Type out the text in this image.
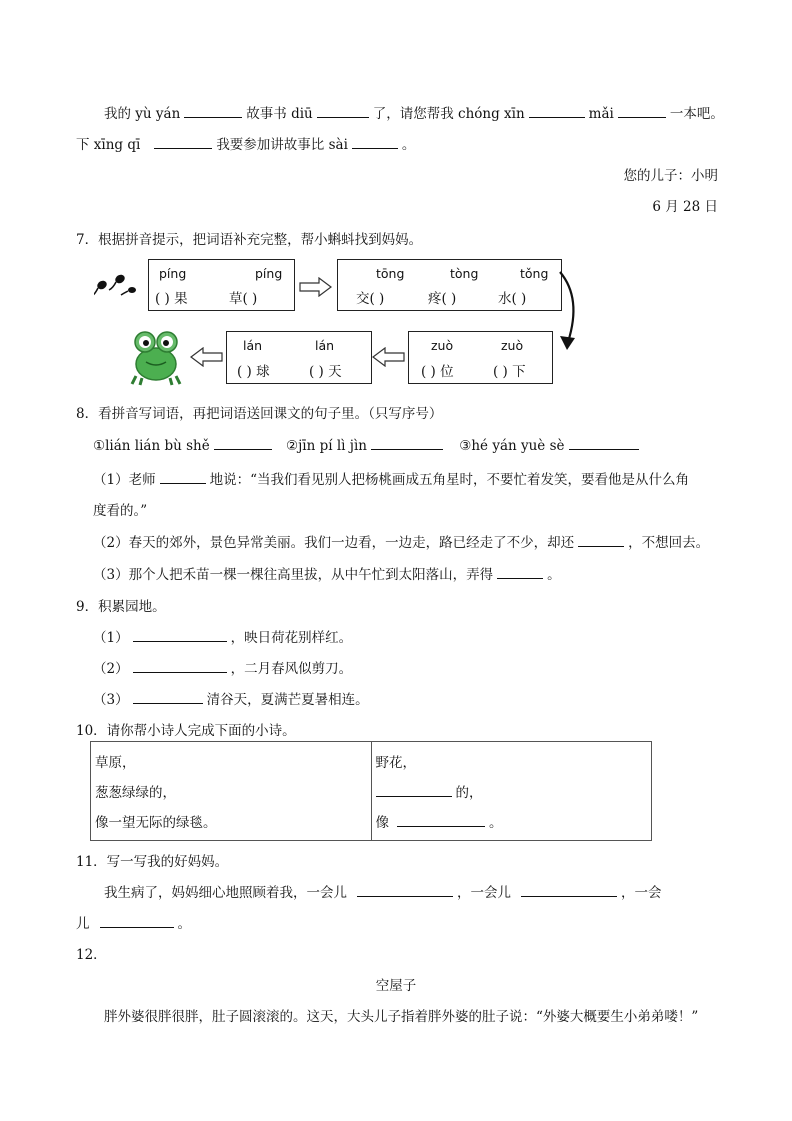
我的 yù yán	故事书 diū	了，请您帮我 chóng xīn	mǎi	一本吧。
下 xīng qī	我要参加讲故事比 sài	。
您的儿子：小明
6 月 28 日
7．根据拼音提示，把词语补充完整，帮小蝌蚪找到妈妈。
píng	píng
( ) 果	草( )
tōng	tòng	tǒng
交( )	疼( )	水( )
zuò	zuò
( ) 位	( ) 下
lán	lán
( ) 球	( ) 天
8．看拼音写词语，再把词语送回课文的句子里。（只写序号）
①lián lián bù shě	②jīn pí lì jìn	③hé yán yuè sè
（1）老师	地说：“当我们看见别人把杨桃画成五角星时，不要忙着发笑，要看他是从什么角
度看的。”
（2）春天的郊外，景色异常美丽。我们一边看，一边走，路已经走了不少，却还	，不想回去。
（3）那个人把禾苗一棵一棵往高里拔，从中午忙到太阳落山，弄得	。
9．积累园地。
（1）	，映日荷花别样红。
（2）	，二月春风似剪刀。
（3）	清谷天，夏满芒夏暑相连。
10．请你帮小诗人完成下面的小诗。
草原，
葱葱绿绿的，
像一望无际的绿毯。

野花，
的，
像	。
11．写一写我的好妈妈。
我生病了，妈妈细心地照顾着我，一会儿	，一会儿	，一会
儿	。
12．
空屋子
胖外婆很胖很胖，肚子圆滚滚的。这天，大头儿子指着胖外婆的肚子说：“外婆大概要生小弟弟喽！”
